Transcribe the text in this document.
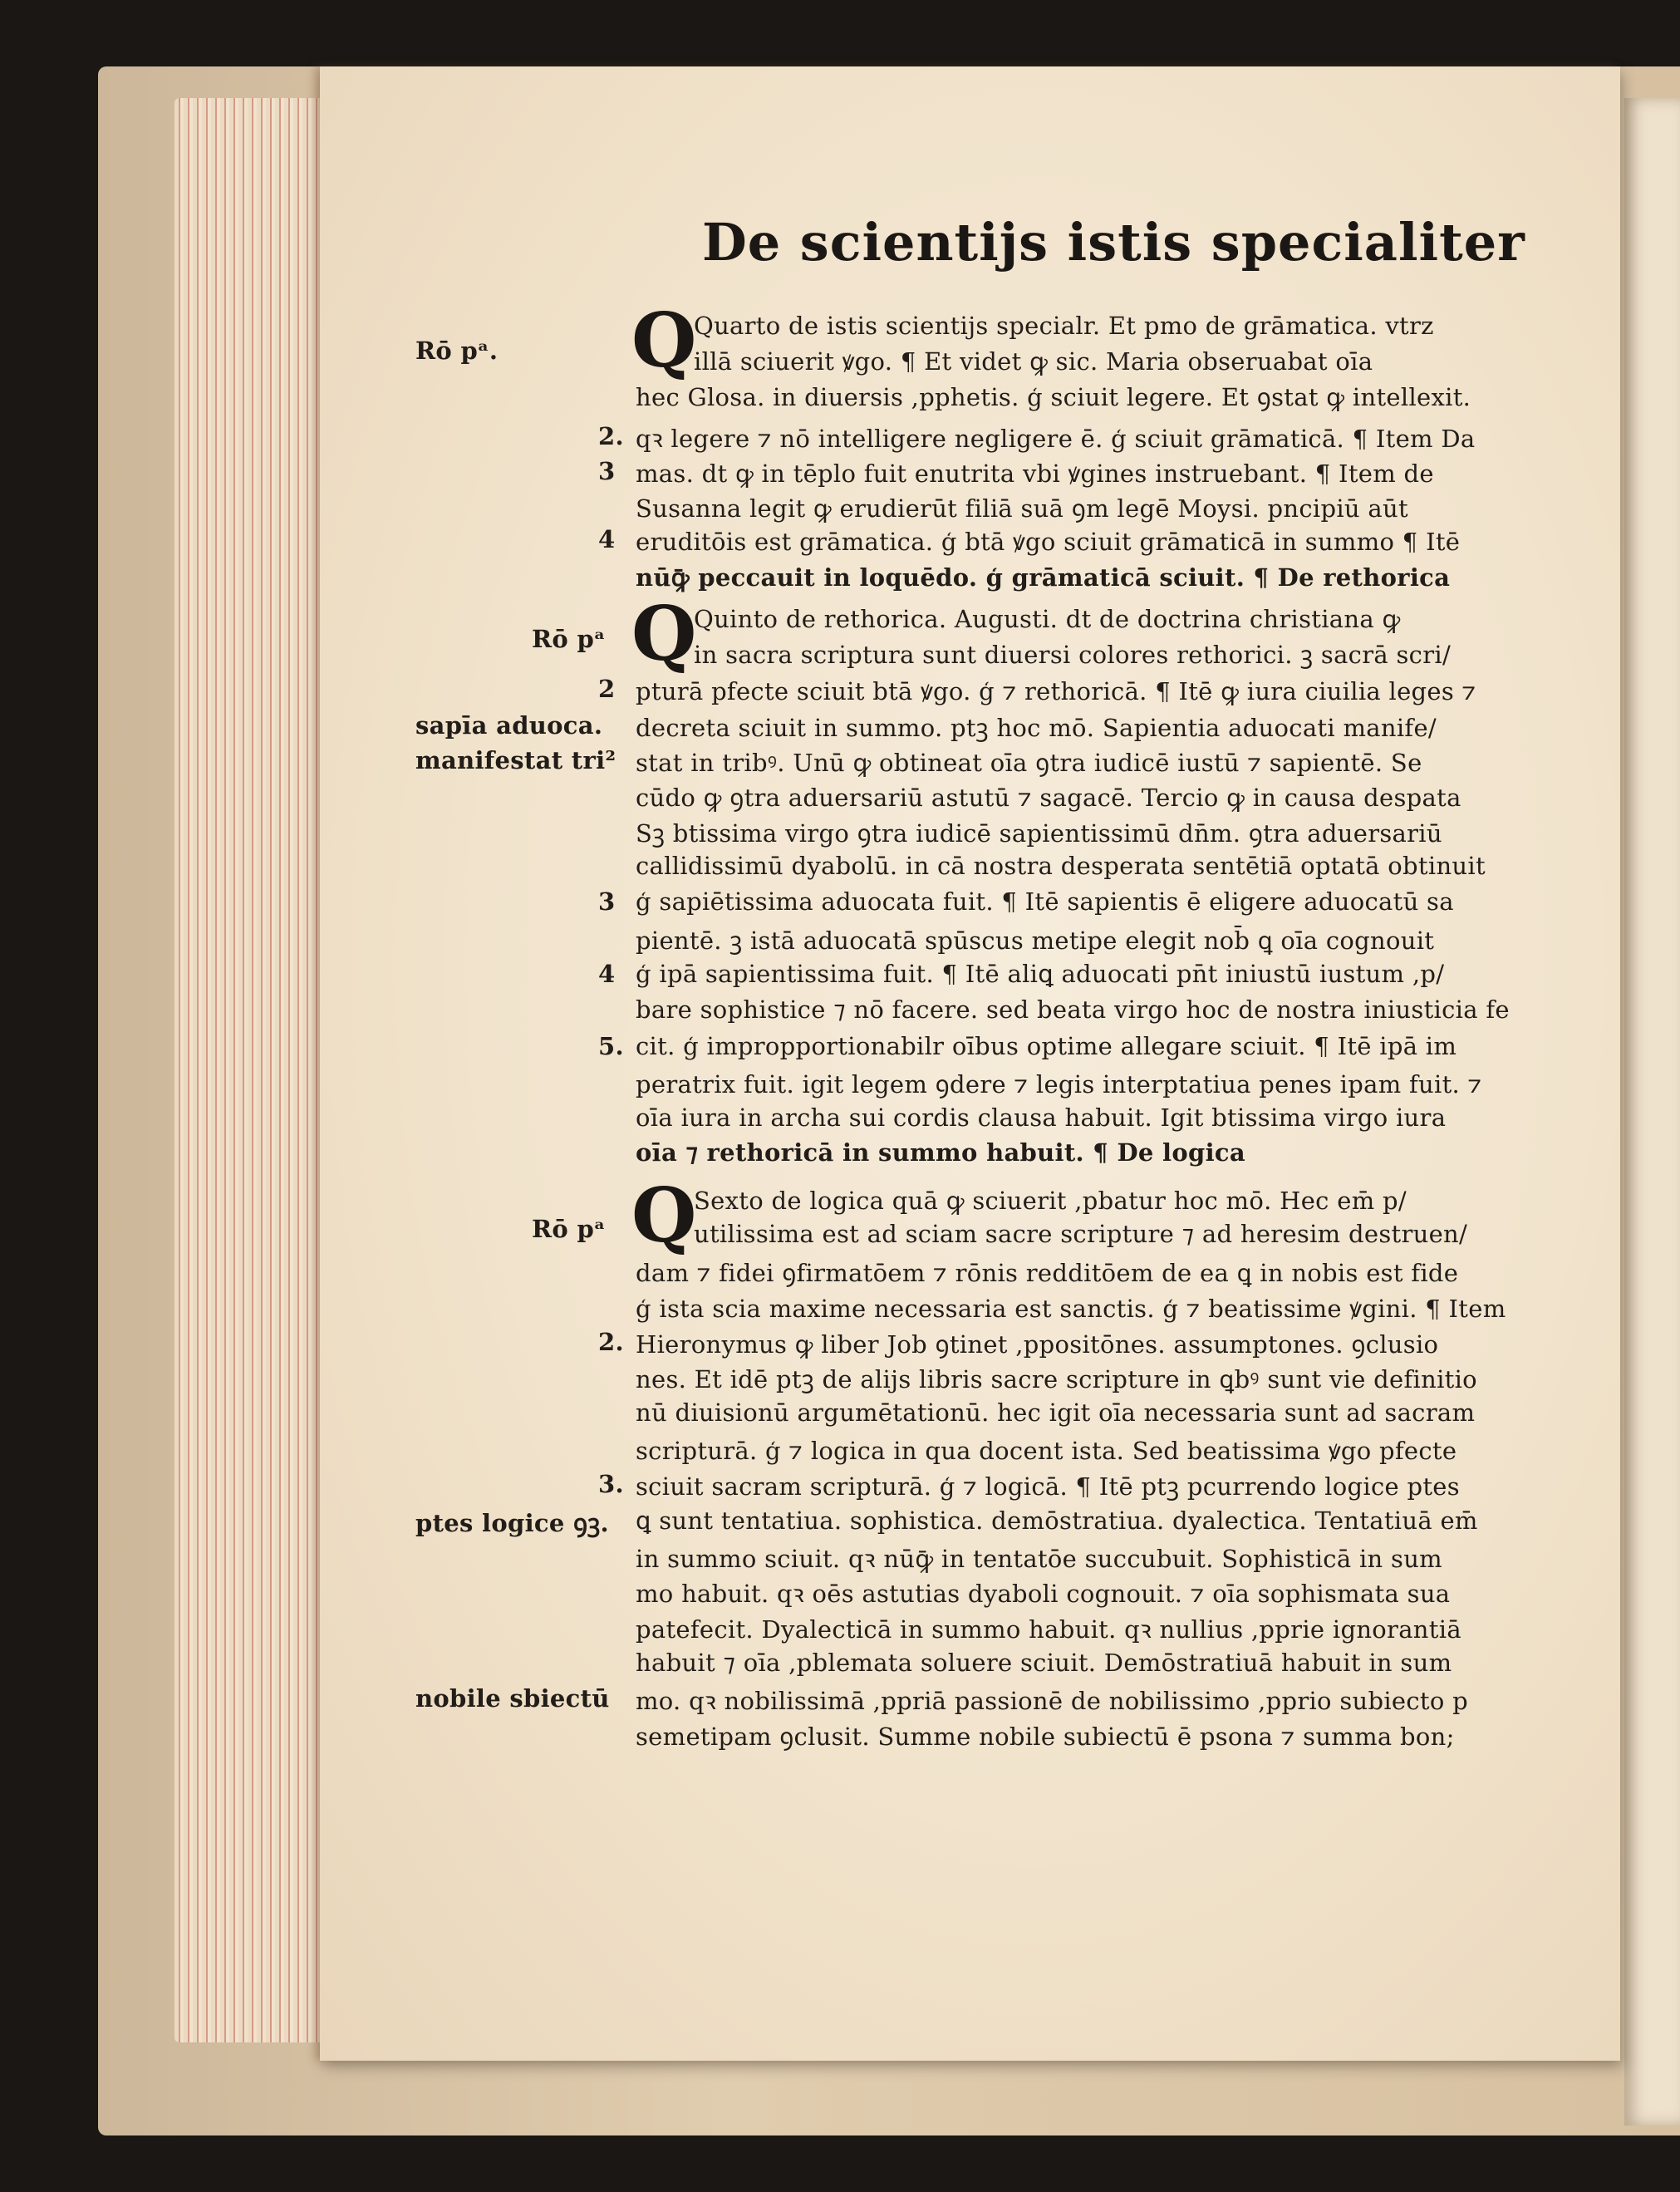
De scientijs istis specialiter
Rō pᵃ. Q
Quarto de istis scientijs specialr. Et pmo de grāmatica. vtrz
illā sciuerit ꝟgo. ¶ Et videt ꝙ sic. Maria obseruabat oīa
hec Glosa. in diuersis ,pphetis. ģ sciuit legere. Et ꝯstat ꝙ intellexit.
2. qꝛ legere ⁊ nō intelligere negligere ē. ģ sciuit grāmaticā. ¶ Item Da
3 mas. dt ꝙ in tēplo fuit enutrita vbi ꝟgines instruebant. ¶ Item de
Susanna legit ꝙ erudierūt filiā suā ꝯm legē Moysi. pncipiū aūt
4 eruditōis est grāmatica. ģ btā ꝟgo sciuit grāmaticā in summo ¶ Itē
nūꝙ̄ peccauit in loquēdo. ģ grāmaticā sciuit. ¶ De rethorica
Rō pᵃ Q
Quinto de rethorica. Augusti. dt de doctrina christiana ꝙ
in sacra scriptura sunt diuersi colores rethorici. ꝫ sacrā scri/
2 pturā pfecte sciuit btā ꝟgo. ģ ⁊ rethoricā. ¶ Itē ꝙ iura ciuilia leges ⁊
sapīa aduoca. decreta sciuit in summo. ptꝫ hoc mō. Sapientia aduocati manife/
manifestat tri² stat in tribꝰ. Unū ꝙ obtineat oīa ꝯtra iudicē iustū ⁊ sapientē. Se
cūdo ꝙ ꝯtra aduersariū astutū ⁊ sagacē. Tercio ꝙ in causa despata
Sꝫ btissima virgo ꝯtra iudicē sapientissimū dn̄m. ꝯtra aduersariū
callidissimū dyabolū. in cā nostra desperata sentētiā optatā obtinuit
3 ģ sapiētissima aduocata fuit. ¶ Itē sapientis ē eligere aduocatū sa
pientē. ꝫ istā aduocatā spūscus metipe elegit nob̄ ꝗ oīa cognouit
4 ģ ipā sapientissima fuit. ¶ Itē aliꝗ aduocati pn̄t iniustū iustum ,p/
bare sophistice ⁊ nō facere. sed beata virgo hoc de nostra iniusticia fe
5. cit. ģ impropportionabilr oībus optime allegare sciuit. ¶ Itē ipā im
peratrix fuit. igit legem ꝯdere ⁊ legis interptatiua penes ipam fuit. ⁊
oīa iura in archa sui cordis clausa habuit. Igit btissima virgo iura
oīa ⁊ rethoricā in summo habuit. ¶ De logica
Rō pᵃ Q
Sexto de logica quā ꝙ sciuerit ,pbatur hoc mō. Hec em̄ p/
utilissima est ad sciam sacre scripture ⁊ ad heresim destruen/
dam ⁊ fidei ꝯfirmatōem ⁊ rōnis redditōem de ea ꝗ in nobis est fide
ģ ista scia maxime necessaria est sanctis. ģ ⁊ beatissime ꝟgini. ¶ Item
2. Hieronymus ꝙ liber Job ꝯtinet ,ppositōnes. assumptones. ꝯclusio
nes. Et idē ptꝫ de alijs libris sacre scripture in ꝗbꝰ sunt vie definitio
nū diuisionū argumētationū. hec igit oīa necessaria sunt ad sacram
scripturā. ģ ⁊ logica in qua docent ista. Sed beatissima ꝟgo pfecte
3. sciuit sacram scripturā. ģ ⁊ logicā. ¶ Itē ptꝫ pcurrendo logice ptes
ptes logice ꝯꝫ. ꝗ sunt tentatiua. sophistica. demōstratiua. dyalectica. Tentatiuā em̄
in summo sciuit. qꝛ nūꝙ̄ in tentatōe succubuit. Sophisticā in sum
mo habuit. qꝛ oēs astutias dyaboli cognouit. ⁊ oīa sophismata sua
patefecit. Dyalecticā in summo habuit. qꝛ nullius ,pprie ignorantiā
habuit ⁊ oīa ,pblemata soluere sciuit. Demōstratiuā habuit in sum
nobile sbiectū mo. qꝛ nobilissimā ,ppriā passionē de nobilissimo ,pprio subiecto p
semetipam ꝯclusit. Summe nobile subiectū ē psona ⁊ summa bon;
